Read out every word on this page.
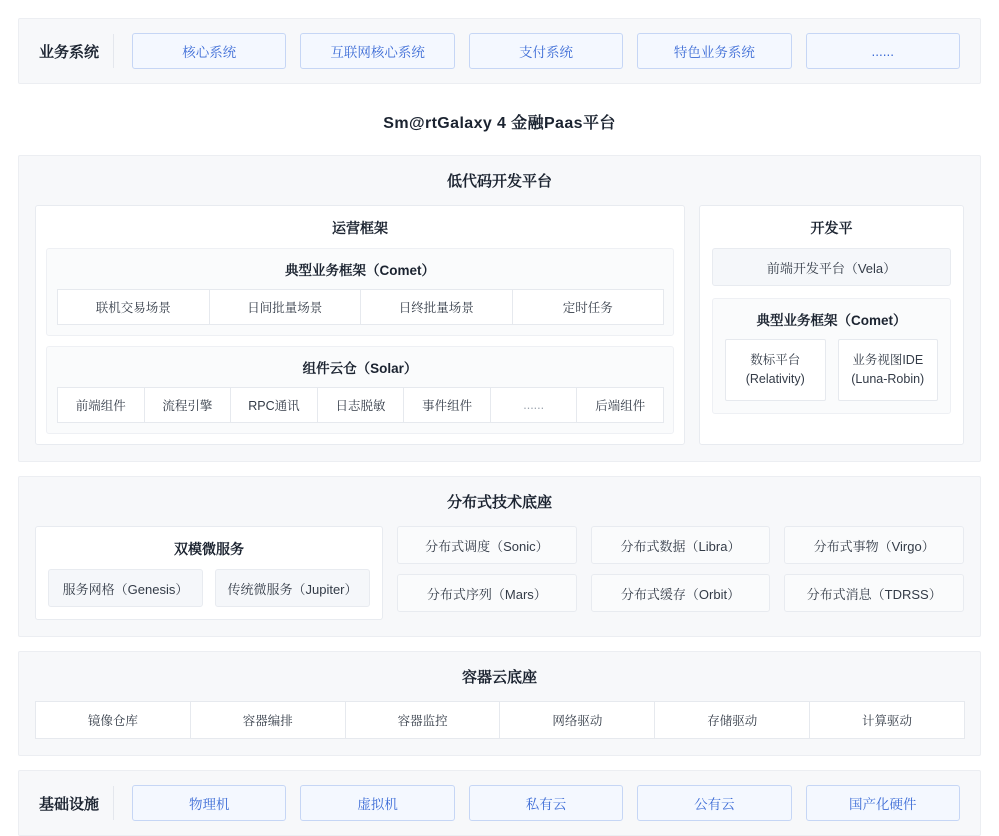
业务系统	核心系统	互联网核心系统	支付系统	特色业务系统	......
Sm@rtGalaxy 4 金融Paas平台
低代码开发平台
运营框架
典型业务框架（Comet）
联机交易场景	日间批量场景	日终批量场景	定时任务
组件云仓（Solar）
前端组件	流程引擎	RPC通讯	日志脱敏	事件组件	......	后端组件
开发平
前端开发平台（Vela）
典型业务框架（Comet）
数标平台
(Relativity)
业务视图IDE
(Luna-Robin)
分布式技术底座
双模微服务
服务网格（Genesis）	传统微服务（Jupiter）
分布式调度（Sonic）	分布式数据（Libra）	分布式事物（Virgo）
分布式序列（Mars）	分布式缓存（Orbit）	分布式消息（TDRSS）
容器云底座
镜像仓库	容器编排	容器监控	网络驱动	存储驱动	计算驱动
基础设施	物理机	虚拟机	私有云	公有云	国产化硬件
